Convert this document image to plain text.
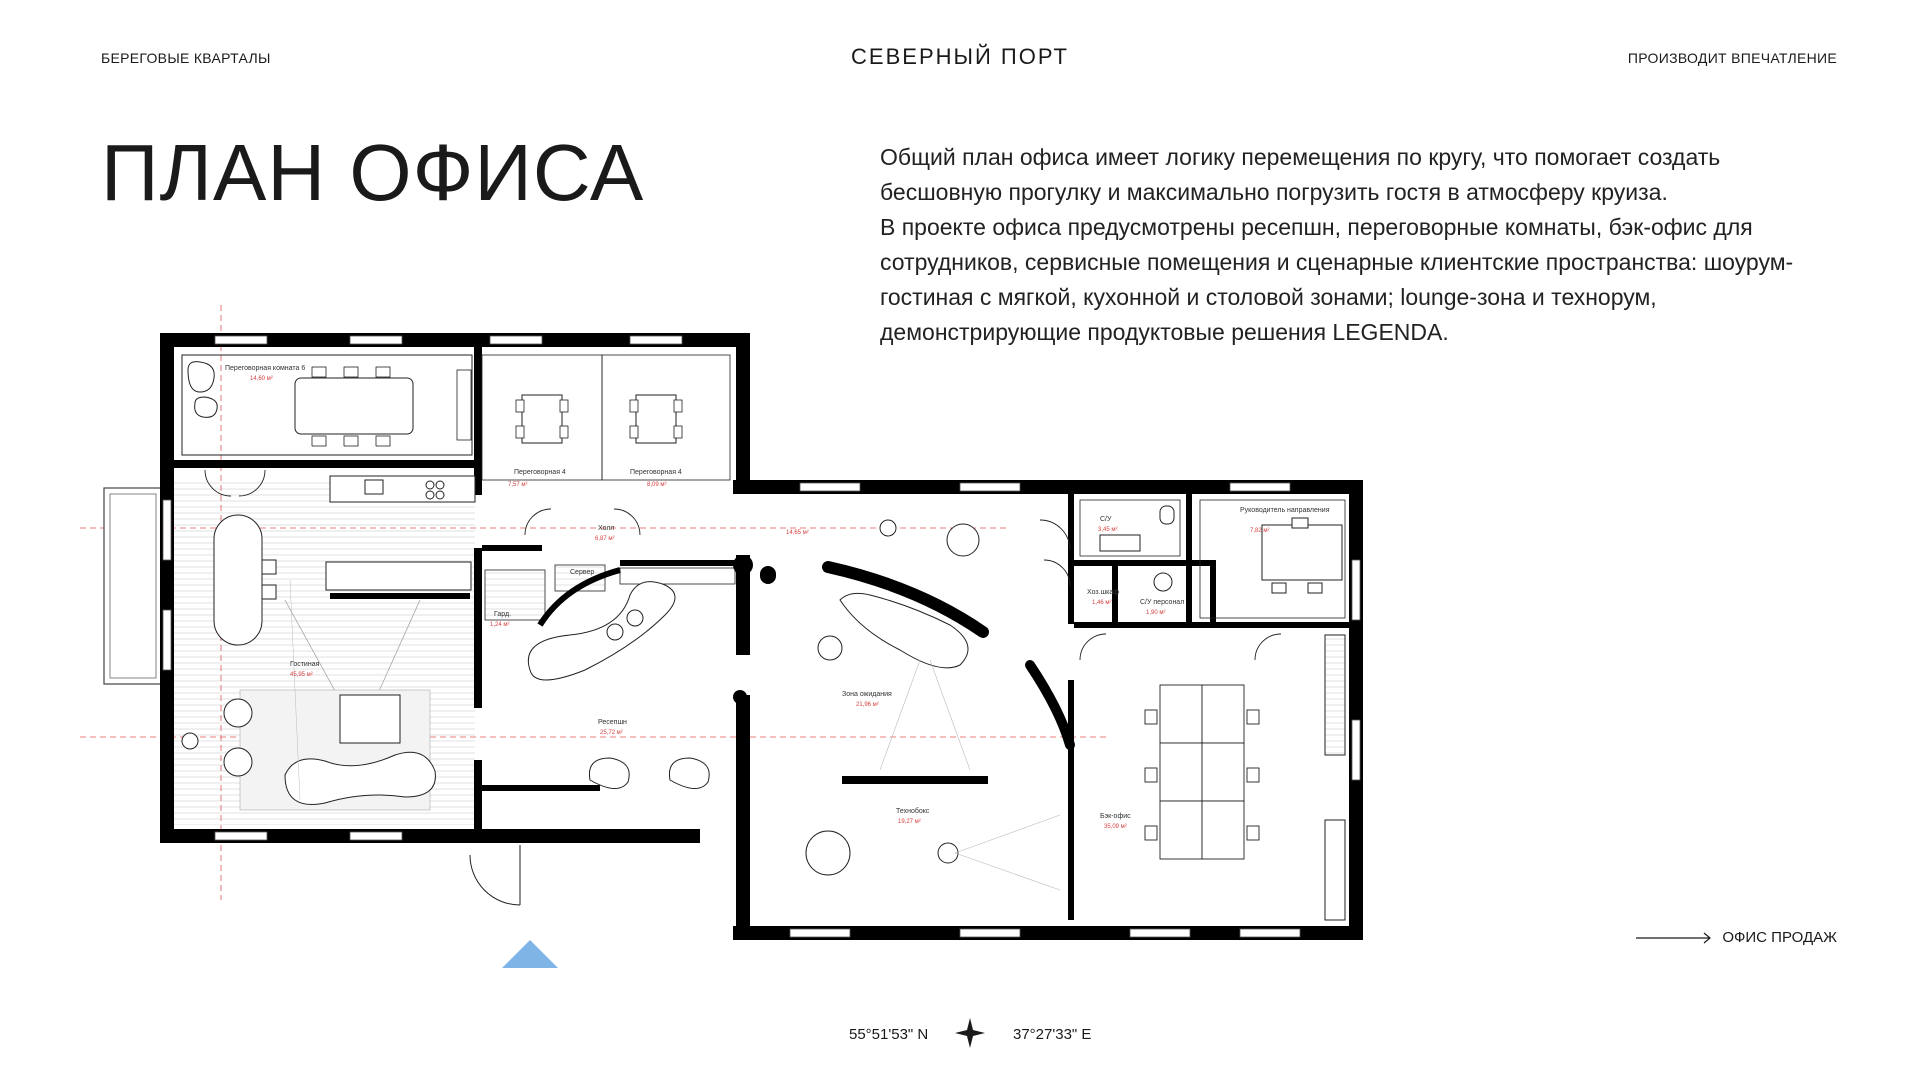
БЕРЕГОВЫЕ КВАРТАЛЫ	СЕВЕРНЫЙ ПОРТ	ПРОИЗВОДИТ ВПЕЧАТЛЕНИЕ
ПЛАН ОФИСА	Общий план офиса имеет логику перемещения по кругу, что помогает создать бесшовную прогулку и максимально погрузить гостя в атмосферу круиза.

В проекте офиса предусмотрены ресепшн, переговорные комнаты, бэк-офис для сотрудников, сервисные помещения и сценарные клиентские пространства: шоурум-гостиная с мягкой, кухонной и столовой зонами; lounge-зона и технорум, демонстрирующие продуктовые решения LEGENDA.

Переговорная комната 6
14,60 м²
Переговорная 4
7,57 м²
Переговорная 4
8,09 м²
Холл
6,87 м²
14,65 м²
Сервер
Гард.
1,24 м²
Гостиная
45,95 м²
Ресепшн
25,72 м²
Зона ожидания
21,96 м²
Технобокс
19,27 м²
С/У
3,45 м²
Хоз.шкаф
1,46 м²	С/У персонал
1,90 м²
Руководитель направления
7,82 м²
Бэк-офис
35,09 м²
ОФИС ПРОДАЖ
55°51'53" N	37°27'33" E
